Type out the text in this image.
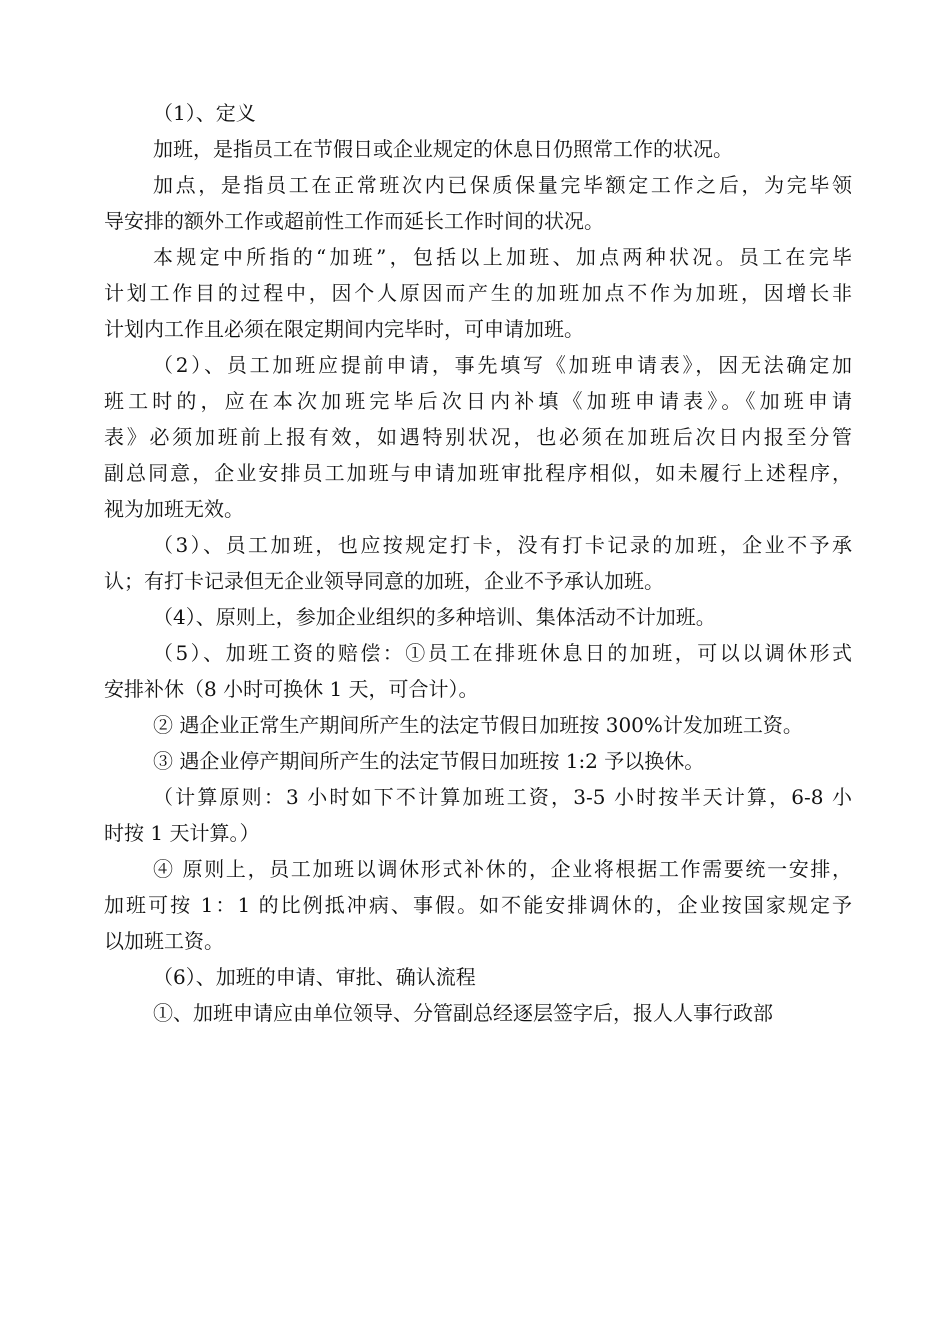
（1）、定义

加班，是指员工在节假日或企业规定的休息日仍照常工作的状况。

加点，是指员工在正常班次内已保质保量完毕额定工作之后，为完毕领
导安排的额外工作或超前性工作而延长工作时间的状况。

本规定中所指的“加班”，包括以上加班、加点两种状况。员工在完毕
计划工作目的过程中，因个人原因而产生的加班加点不作为加班，因增长非
计划内工作且必须在限定期间内完毕时，可申请加班。

（2）、员工加班应提前申请，事先填写《加班申请表》，因无法确定加
班工时的，应在本次加班完毕后次日内补填《加班申请表》。《加班申请
表》必须加班前上报有效，如遇特别状况，也必须在加班后次日内报至分管
副总同意，企业安排员工加班与申请加班审批程序相似，如未履行上述程序，
视为加班无效。

（3）、员工加班，也应按规定打卡，没有打卡记录的加班，企业不予承
认；有打卡记录但无企业领导同意的加班，企业不予承认加班。

（4）、原则上，参加企业组织的多种培训、集体活动不计加班。

（5）、加班工资的赔偿：①员工在排班休息日的加班，可以以调休形式
安排补休（8 小时可换休 1 天，可合计）。

② 遇企业正常生产期间所产生的法定节假日加班按 300%计发加班工资。

③ 遇企业停产期间所产生的法定节假日加班按 1:2 予以换休。

（计算原则：3 小时如下不计算加班工资，3-5 小时按半天计算，6-8 小
时按 1 天计算。）

④ 原则上，员工加班以调休形式补休的，企业将根据工作需要统一安排，
加班可按 1：1 的比例抵冲病、事假。如不能安排调休的，企业按国家规定予
以加班工资。

（6）、加班的申请、审批、确认流程

①、加班申请应由单位领导、分管副总经逐层签字后，报人人事行政部
